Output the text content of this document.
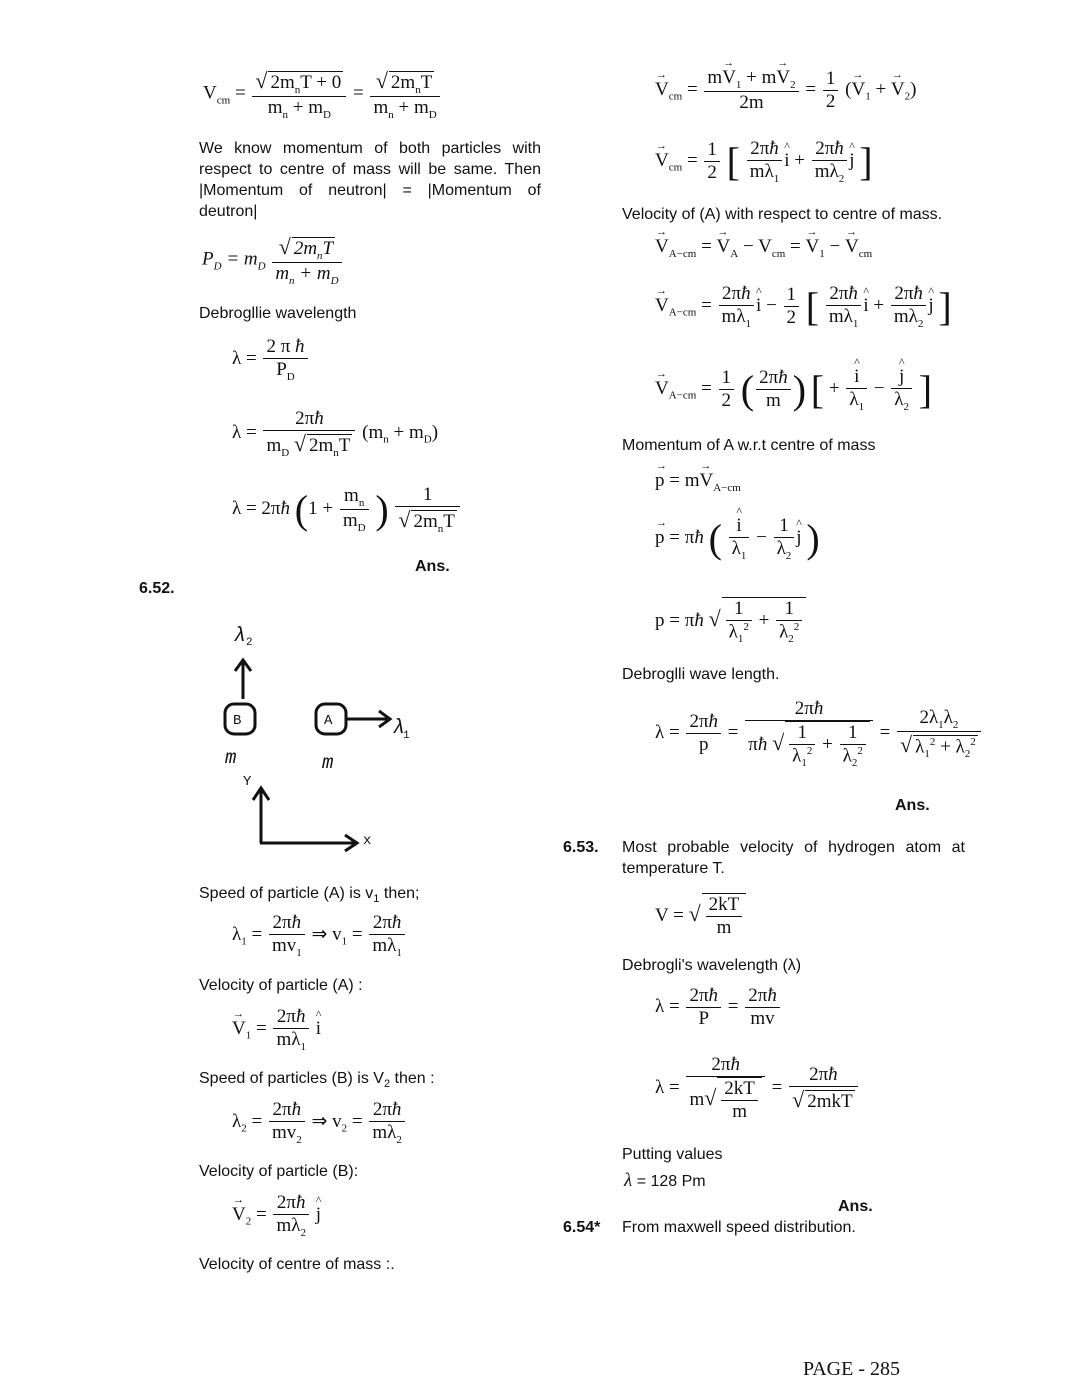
$V_{cm} = \frac{√ 2m_nT + 0}{m_n + m_D} = \frac{√ 2m_nT}{m_n + m_D}$
We know momentum of both particles with respect to centre of mass will be same. Then |Momentum of neutron| = |Momentum of deutron|
$P_D = m_D \frac{√ 2m_nT}{m_n + m_D}$
Debrogllie wavelength
$\lambda = \frac{\text{2 π ħ}}{P_D}$
$\lambda = \frac{2\pi ħ}{m_D √ 2m_nT} (m_n + m_D)$
λ = 2πħ ($1 + \frac{m_n}{m_D}$ ) $\frac{1}{√ 2m_nT}$
Ans.
6.52.
λ 2
B	A	λ
1
m	m
Y
x
Speed of particle (A) is $v_1$ then;
$\lambda_1 = \frac{2\pi ħ}{mv_1}$ ⇒ $v_1 = \frac{2\pi ħ}{m\lambda_1}$
Velocity of particle (A) :
→ $V_1 = \frac{2\pi ħ}{m\lambda_1}$ ^ i
Speed of particles (B) is $V_2$ then :
$\lambda_2 = \frac{2\pi ħ}{mv_2}$ ⇒ $v_2 = \frac{2\pi ħ}{m\lambda_2}$
Velocity of particle (B):
→ $V_2 = \frac{2\pi ħ}{m\lambda_2}$ ^ j
Velocity of centre of mass :.
→ $V_{cm} = \frac{m\to V_1 + m\to V_2}{2m} = \frac{1}{2}$ (→ $V_1$ + → $V_2$)
→ $V_{cm} = \frac{1}{2}$ [ $\frac{2\pi ħ}{m\lambda_1}$ ^ $i + \frac{2\pi ħ}{m\lambda_2}$ ^ j ]
Velocity of (A) with respect to centre of mass.
→ $V_{A-cm}$ = → $V_A - V_{cm}$ = → $V_1$ − → $V_{cm}$
→ $V_{A-cm} = \frac{2\pi ħ}{m\lambda_1}$ ^ $i - \frac{1}{2}$ [ $\frac{2\pi ħ}{m\lambda_1}$ ^ $i + \frac{2\pi ħ}{m\lambda_2}$ ^ j ]
→ $V_{A-cm} = \frac{1}{2}$ ( $\frac{2\pi ħ}{m}$ ) [ + ^ $\frac{i}{\lambda_1}$ − ^ $\frac{j}{\lambda_2}$ ]
Momentum of A w.r.t centre of mass
→ $p = m\to V_{A-cm}$
→ p = πħ ( ^ $\frac{i}{\lambda_1} - \frac{1}{\lambda_2}$ ^ j )
p = πħ √ $\frac{1}{\lambda_1^2} + \frac{1}{\lambda_2^2}$
Debroglli wave length.
$\lambda = \frac{2\pi ħ}{p} = \frac{2\pi ħ}{\pi ħ √ \frac{1}{\lambda_1^2} + \frac{1}{\lambda_2^2}} = \frac{2\lambda_1\lambda_2}{√ \lambda_1^2 + \lambda_2^2}$
Ans.
6.53. Most probable velocity of hydrogen atom at temperature T.
V = √ $\frac{2kT}{m}$
Debrogli's wavelength (λ)
$\lambda = \frac{2\pi ħ}{P} = \frac{2\pi ħ}{mv}$
$\lambda = \frac{2\pi ħ}{m√ \frac{2kT}{m}} = \frac{2\pi ħ}{\text{√ 2mkT}}$
Putting values
λ = 128 Pm
Ans.
6.54* From maxwell speed distribution.
PAGE - 285
